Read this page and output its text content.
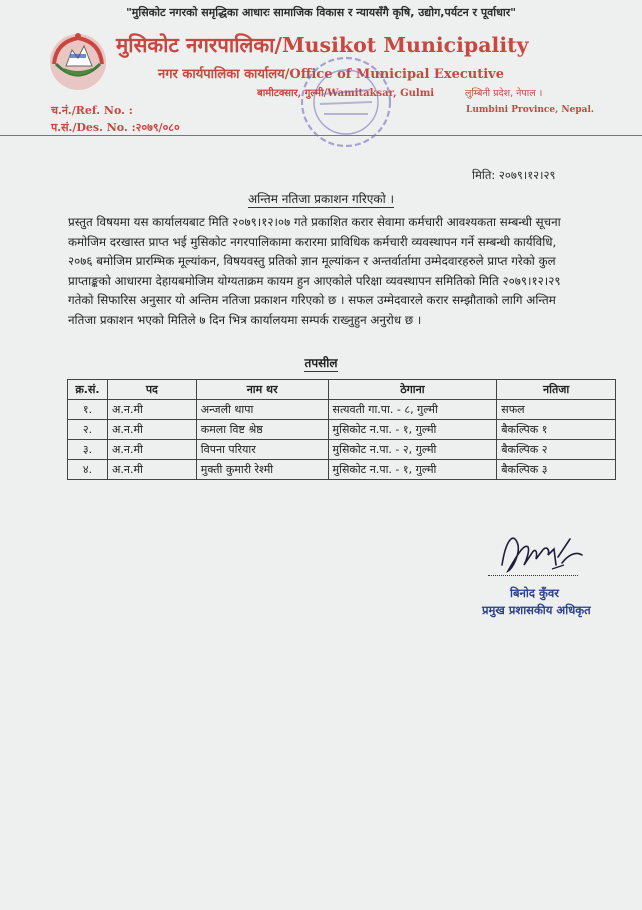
"मुसिकोट नगरको समृद्धिका आधारः सामाजिक विकास र न्यायसँगै कृषि, उद्योग,पर्यटन र पूर्वाधार"
मुसिकोट नगरपालिका/Musikot Municipality
नगर कार्यपालिका कार्यालय/Office of Municipal Executive
बामीटक्सार, गुल्मी/Wamitaksar, Gulmi	लुम्बिनी प्रदेश, नेपाल ।
Lumbini Province, Nepal.
च.नं./Ref. No. :
प.सं./Des. No. :२०७९/०८०
मिति: २०७९।१२।२९
अन्तिम नतिजा प्रकाशन गरिएको ।
प्रस्तुत विषयमा यस कार्यालयबाट मिति २०७९।१२।०७ गते प्रकाशित करार सेवामा कर्मचारी आवश्यकता सम्बन्धी सूचना
कमोजिम दरखास्त प्राप्त भई मुसिकोट नगरपालिकामा करारमा प्राविधिक कर्मचारी व्यवस्थापन गर्ने सम्बन्धी कार्यविधि,
२०७६ बमोजिम प्रारम्भिक मूल्यांकन, विषयवस्तु प्रतिको ज्ञान मूल्यांकन र अन्तर्वार्तामा उम्मेदवारहरुले प्राप्त गरेको कुल
प्राप्ताङ्कको आधारमा देहायबमोजिम योग्यताक्रम कायम हुन आएकोले परिक्षा व्यवस्थापन समितिको मिति २०७९।१२।२९
गतेको सिफारिस अनुसार यो अन्तिम नतिजा प्रकाशन गरिएको छ । सफल उम्मेदवारले करार सम्झौताको लागि अन्तिम
नतिजा प्रकाशन भएको मितिले ७ दिन भित्र कार्यालयमा सम्पर्क राख्नुहुन अनुरोध छ ।
तपसील
क्र.सं.	पद	नाम थर	ठेगाना	नतिजा
१.	अ.न.मी	अन्जली थापा	सत्यवती गा.पा. - ८, गुल्मी	सफल
२.	अ.न.मी	कमला विष्ट श्रेष्ठ	मुसिकोट न.पा. - १, गुल्मी	बैकल्पिक १
३.	अ.न.मी	विपना परियार	मुसिकोट न.पा. - २, गुल्मी	बैकल्पिक २
४.	अ.न.मी	मुक्ती कुमारी रेश्मी	मुसिकोट न.पा. - १, गुल्मी	बैकल्पिक ३
बिनोद कुँवर
प्रमुख प्रशासकीय अधिकृत
